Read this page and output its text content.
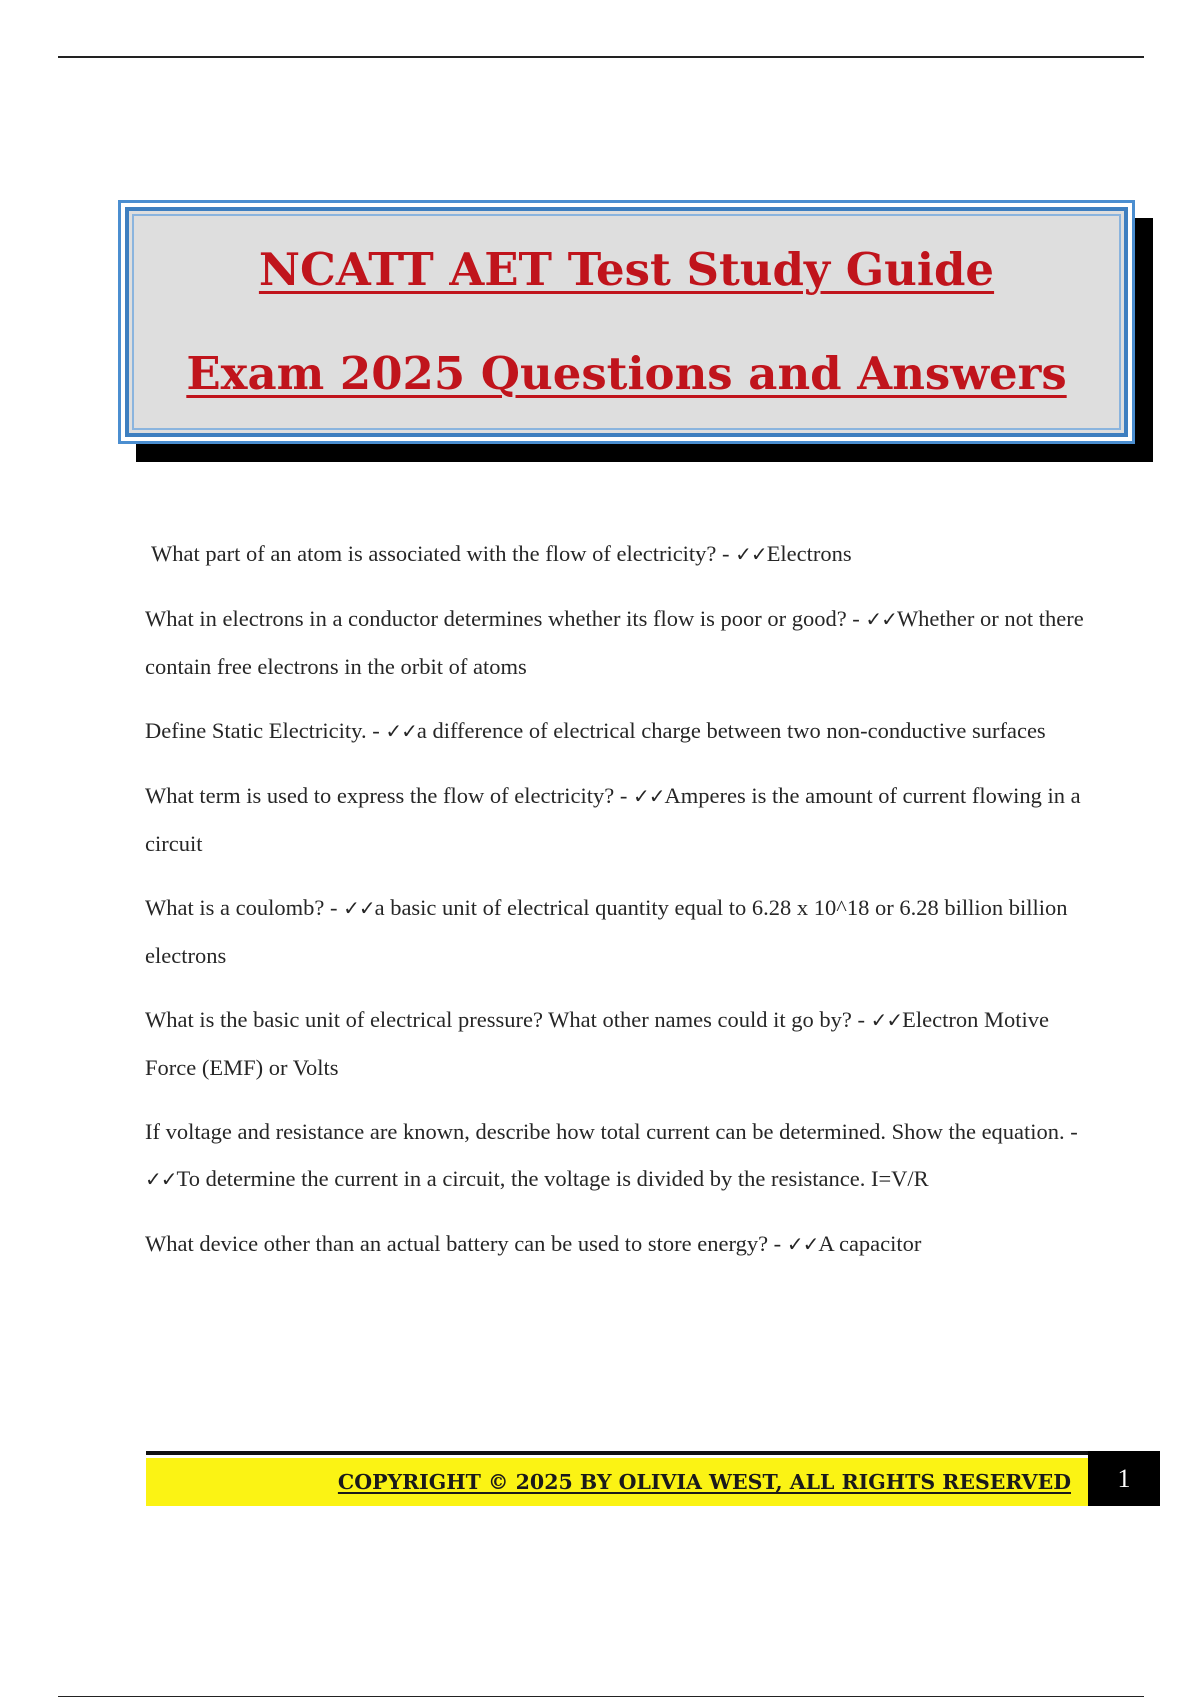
NCATT AET Test Study Guide
Exam 2025 Questions and Answers
What part of an atom is associated with the flow of electricity? - ✓✓Electrons
What in electrons in a conductor determines whether its flow is poor or good? - ✓✓Whether or not there contain free electrons in the orbit of atoms
Define Static Electricity. - ✓✓a difference of electrical charge between two non-conductive surfaces
What term is used to express the flow of electricity? - ✓✓Amperes is the amount of current flowing in a circuit
What is a coulomb? - ✓✓a basic unit of electrical quantity equal to 6.28 x 10^18 or 6.28 billion billion electrons
What is the basic unit of electrical pressure? What other names could it go by? - ✓✓Electron Motive Force (EMF) or Volts
If voltage and resistance are known, describe how total current can be determined. Show the equation. - ✓✓To determine the current in a circuit, the voltage is divided by the resistance. I=V/R
What device other than an actual battery can be used to store energy? - ✓✓A capacitor
COPYRIGHT © 2025 BY OLIVIA WEST, ALL RIGHTS RESERVED	1
